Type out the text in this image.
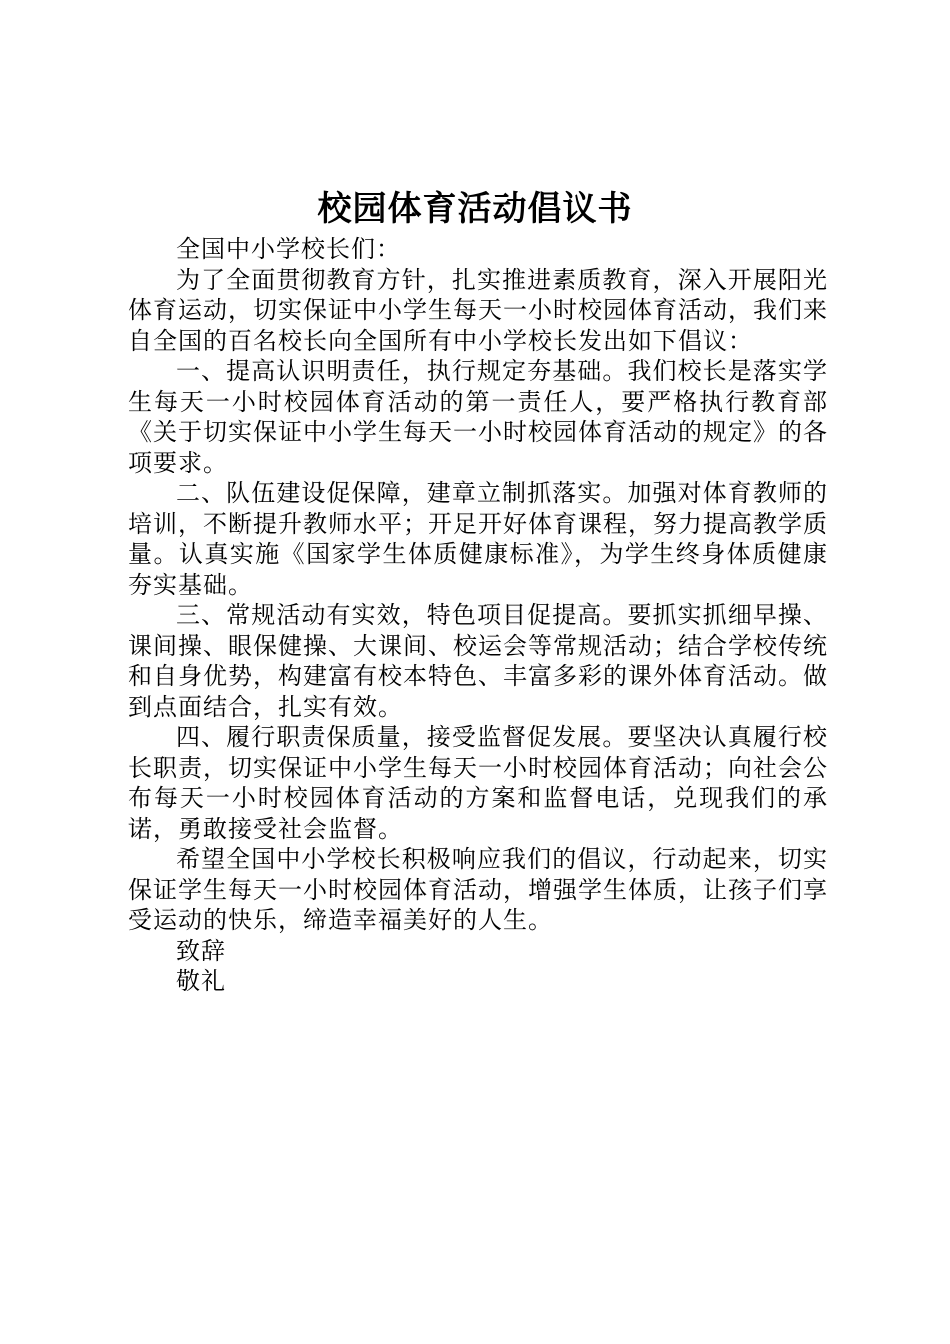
校园体育活动倡议书

全国中小学校长们：

为了全面贯彻教育方针，扎实推进素质教育，深入开展阳光体育运动，切实保证中小学生每天一小时校园体育活动，我们来自全国的百名校长向全国所有中小学校长发出如下倡议：

一、提高认识明责任，执行规定夯基础。我们校长是落实学生每天一小时校园体育活动的第一责任人，要严格执行教育部《关于切实保证中小学生每天一小时校园体育活动的规定》的各项要求。

二、队伍建设促保障，建章立制抓落实。加强对体育教师的培训，不断提升教师水平；开足开好体育课程，努力提高教学质量。认真实施《国家学生体质健康标准》，为学生终身体质健康夯实基础。

三、常规活动有实效，特色项目促提高。要抓实抓细早操、课间操、眼保健操、大课间、校运会等常规活动；结合学校传统和自身优势，构建富有校本特色、丰富多彩的课外体育活动。做到点面结合，扎实有效。

四、履行职责保质量，接受监督促发展。要坚决认真履行校长职责，切实保证中小学生每天一小时校园体育活动；向社会公布每天一小时校园体育活动的方案和监督电话，兑现我们的承诺，勇敢接受社会监督。

希望全国中小学校长积极响应我们的倡议，行动起来，切实保证学生每天一小时校园体育活动，增强学生体质，让孩子们享受运动的快乐，缔造幸福美好的人生。

致辞

敬礼
